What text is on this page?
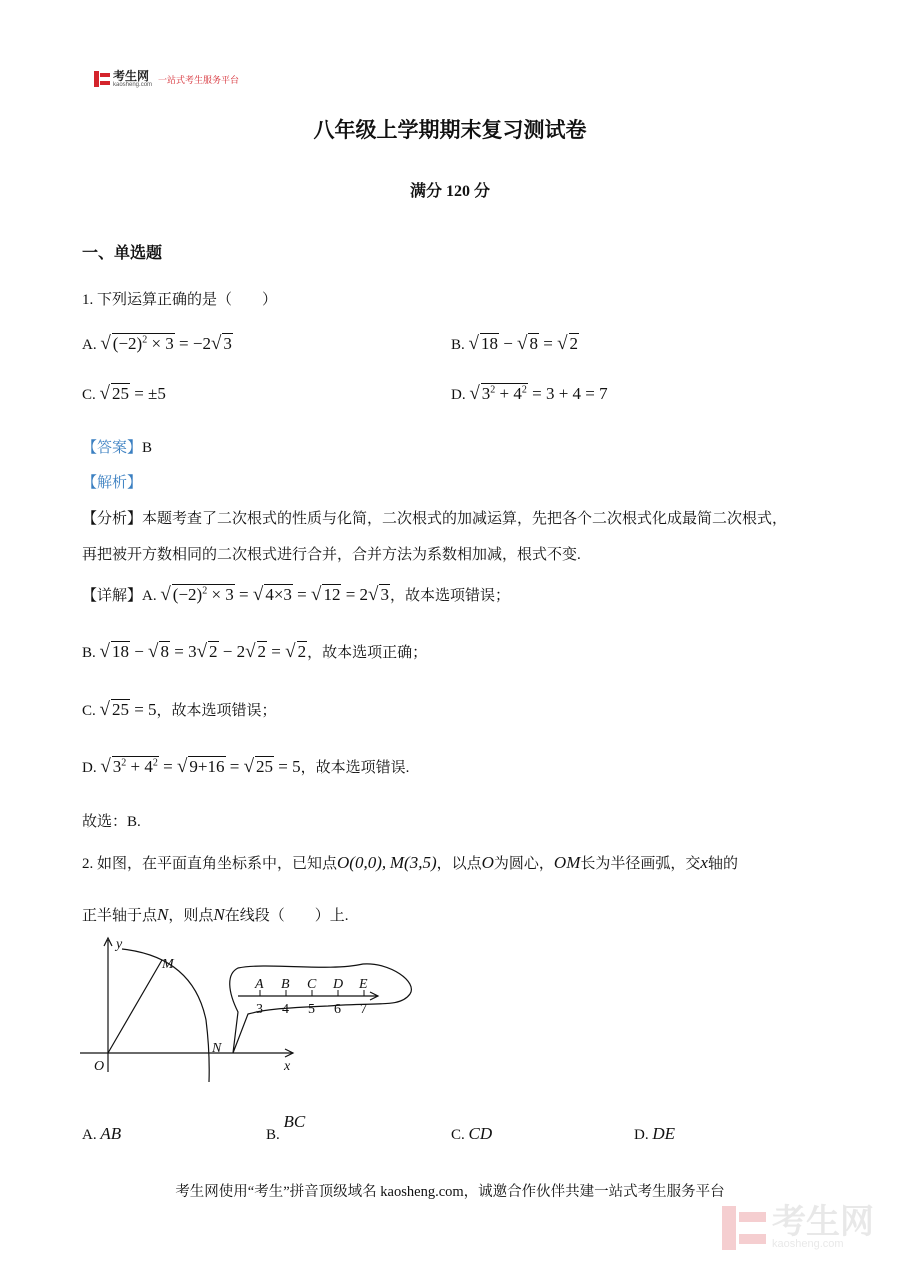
考生网
kaosheng.com
一站式考生服务平台
八年级上学期期末复习测试卷
满分 120 分
一、单选题
1. 下列运算正确的是（　　）
A. √ $(-2)^2 \times 3 = -2√$ 3	B. √ 18 − √ 8 = √ 2
C. √ 25 = ±5	D. √ $3^2 + 4^2 = 3 + 4 = 7$
【答案】B
【解析】
【分析】本题考查了二次根式的性质与化简，二次根式的加减运算，先把各个二次根式化成最简二次根式，
再把被开方数相同的二次根式进行合并，合并方法为系数相加减，根式不变.
【详解】A. √ $(-2)^2 \times 3$ = √ 4×3 = √ 12 = 2√ 3，故本选项错误；
B. √ 18 − √ 8 = 3√ 2 − 2√ 2 = √ 2，故本选项正确；
C. √ 25 = 5，故本选项错误；
D. √ $3^2 + 4^2$ = √ 9+16 = √ 25 = 5，故本选项错误.
故选：B.
2. 如图，在平面直角坐标系中，已知点O(0,0), M(3,5)，以点O为圆心，OM长为半径画弧，交x轴的
正半轴于点N，则点N在线段（　　）上.
y
x
O
M
N
A B C D E
3 4 5 6 7
A. AB	B. BC
C. CD	D. DE
考生网使用“考生”拼音顶级域名 kaosheng.com，诚邀合作伙伴共建一站式考生服务平台
考生网
kaosheng.com
